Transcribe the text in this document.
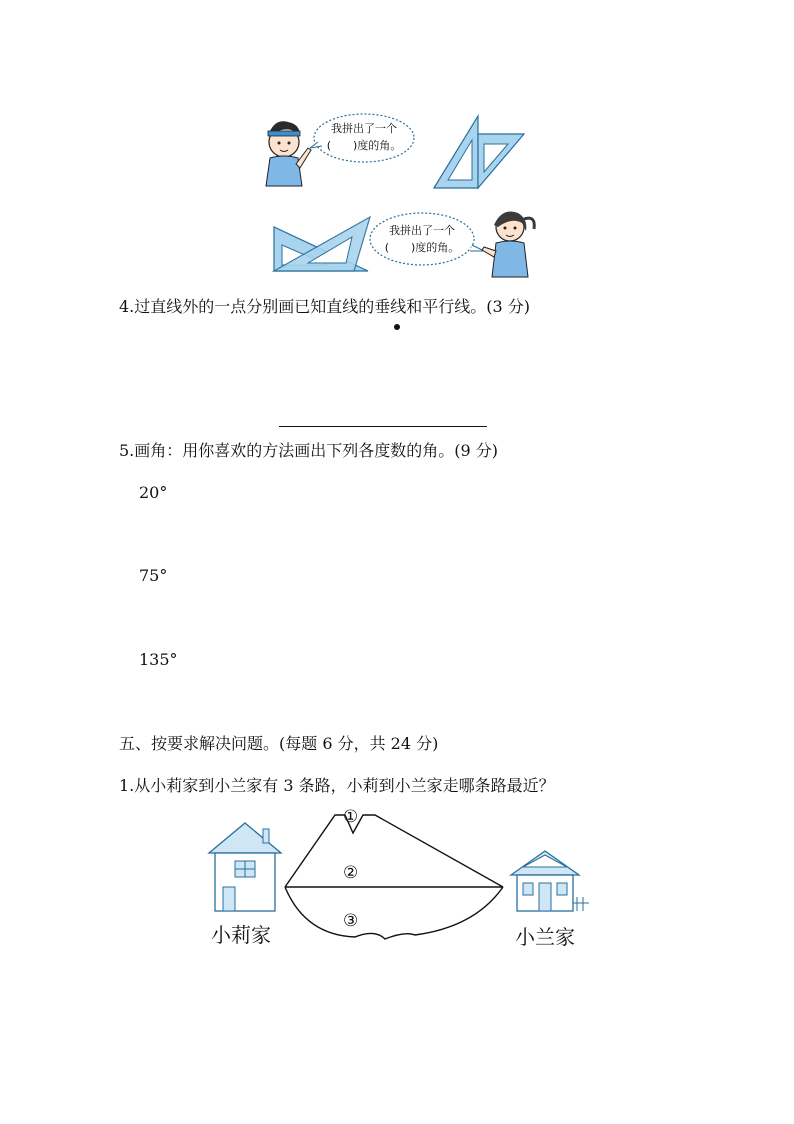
我拼出了一个
(　　)度的角。
我拼出了一个
(　　)度的角。
4.过直线外的一点分别画已知直线的垂线和平行线。(3 分)
5.画角：用你喜欢的方法画出下列各度数的角。(9 分)
20°
75°
135°
五、按要求解决问题。(每题 6 分，共 24 分)
1.从小莉家到小兰家有 3 条路，小莉到小兰家走哪条路最近？
①
②
③
小莉家	小兰家
